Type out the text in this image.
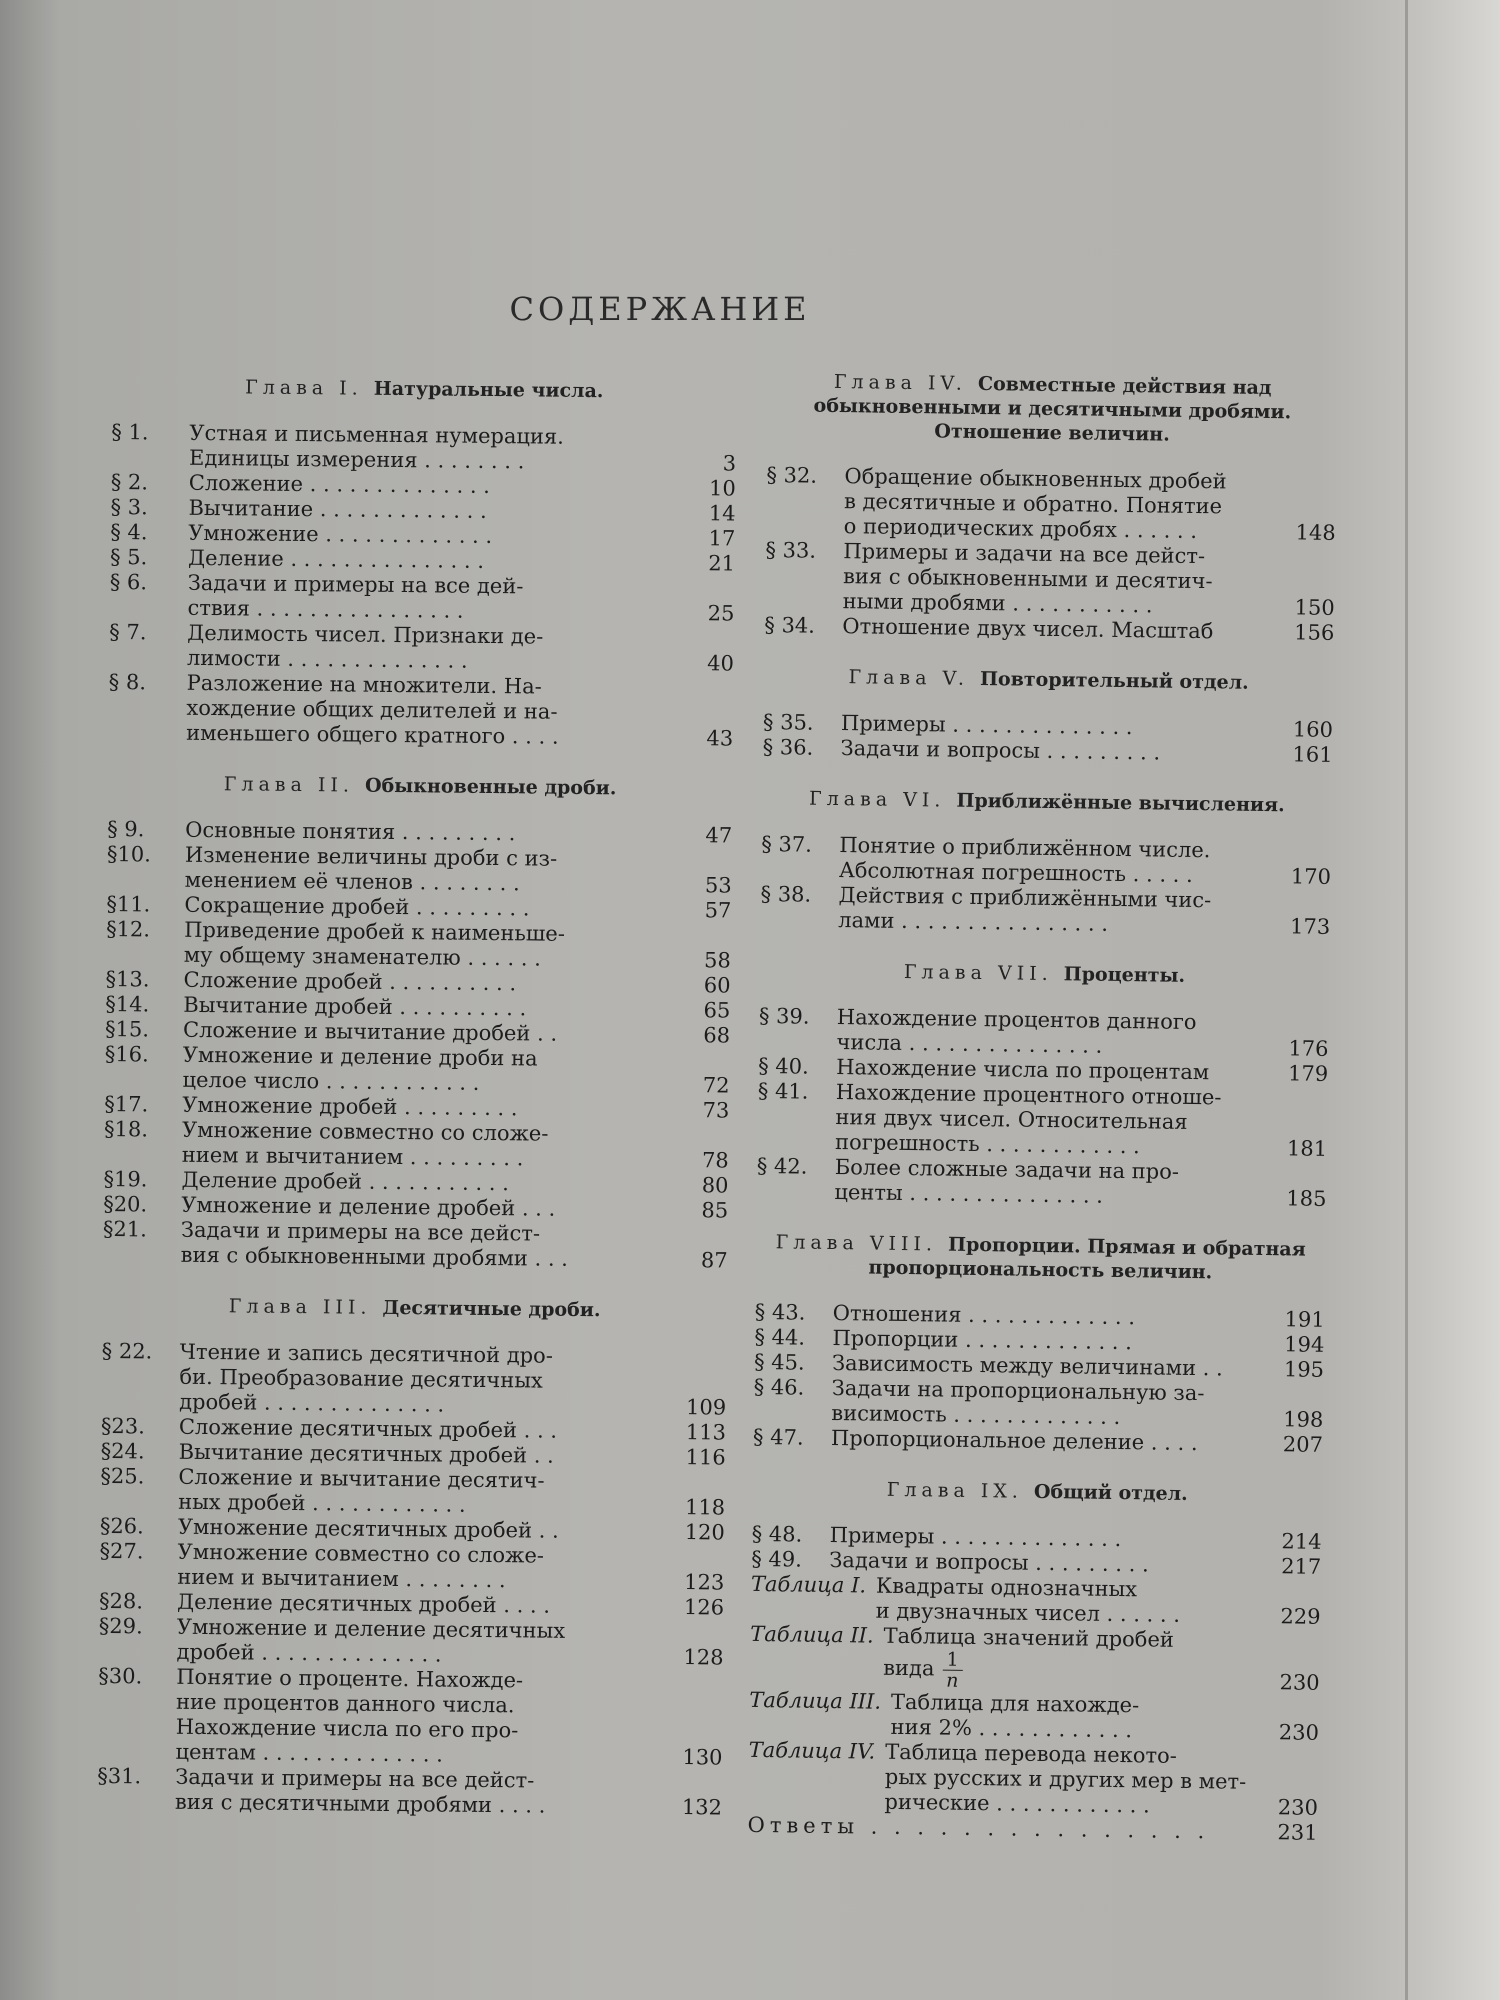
СОДЕРЖАНИЕ
Глава I. Натуральные числа.
§ 1.	Устная и письменная нумерация.
Единицы измерения . . . . . . . .	3
§ 2.	Сложение . . . . . . . . . . . . . .	10
§ 3.	Вычитание . . . . . . . . . . . . .	14
§ 4.	Умножение . . . . . . . . . . . . .	17
§ 5.	Деление . . . . . . . . . . . . . . .	21
§ 6.	Задачи и примеры на все дей-
ствия . . . . . . . . . . . . . . . .	25
§ 7.	Делимость чисел. Признаки де-
лимости . . . . . . . . . . . . . .	40
§ 8.	Разложение на множители. На-
хождение общих делителей и на-
именьшего общего кратного . . . .	43
Глава II. Обыкновенные дроби.
§ 9.	Основные понятия . . . . . . . . .	47
§10.	Изменение величины дроби с из-
менением её членов . . . . . . . .	53
§11.	Сокращение дробей . . . . . . . . .	57
§12.	Приведение дробей к наименьше-
му общему знаменателю . . . . . .	58
§13.	Сложение дробей . . . . . . . . . .	60
§14.	Вычитание дробей . . . . . . . . . .	65
§15.	Сложение и вычитание дробей . .	68
§16.	Умножение и деление дроби на
целое число . . . . . . . . . . . .	72
§17.	Умножение дробей . . . . . . . . .	73
§18.	Умножение совместно со сложе-
нием и вычитанием . . . . . . . . .	78
§19.	Деление дробей . . . . . . . . . . .	80
§20.	Умножение и деление дробей . . .	85
§21.	Задачи и примеры на все дейст-
вия с обыкновенными дробями . . .	87
Глава III. Десятичные дроби.
§ 22.	Чтение и запись десятичной дро-
би. Преобразование десятичных
дробей . . . . . . . . . . . . . .	109
§23.	Сложение десятичных дробей . . .	113
§24.	Вычитание десятичных дробей . .	116
§25.	Сложение и вычитание десятич-
ных дробей . . . . . . . . . . . .	118
§26.	Умножение десятичных дробей . .	120
§27.	Умножение совместно со сложе-
нием и вычитанием . . . . . . . .	123
§28.	Деление десятичных дробей . . . .	126
§29.	Умножение и деление десятичных
дробей . . . . . . . . . . . . . .	128
§30.	Понятие о проценте. Нахожде-
ние процентов данного числа.
Нахождение числа по его про-
центам . . . . . . . . . . . . . .	130
§31.	Задачи и примеры на все дейст-
вия с десятичными дробями . . . .	132
Глава IV. Совместные действия над обыкновенными и десятичными дробями. Отношение величин.
§ 32.	Обращение обыкновенных дробей
в десятичные и обратно. Понятие
о периодических дробях . . . . . .	148
§ 33.	Примеры и задачи на все дейст-
вия с обыкновенными и десятич-
ными дробями . . . . . . . . . . .	150
§ 34.	Отношение двух чисел. Масштаб	156
Глава V. Повторительный отдел.
§ 35.	Примеры . . . . . . . . . . . . . .	160
§ 36.	Задачи и вопросы . . . . . . . . .	161
Глава VI. Приближённые вычисления.
§ 37.	Понятие о приближённом числе.
Абсолютная погрешность . . . . .	170
§ 38.	Действия с приближёнными чис-
лами . . . . . . . . . . . . . . . .	173
Глава VII. Проценты.
§ 39.	Нахождение процентов данного
числа . . . . . . . . . . . . . . .	176
§ 40.	Нахождение числа по процентам	179
§ 41.	Нахождение процентного отноше-
ния двух чисел. Относительная
погрешность . . . . . . . . . . . .	181
§ 42.	Более сложные задачи на про-
центы . . . . . . . . . . . . . . .	185
Глава VIII. Пропорции. Прямая и обратная пропорциональность величин.
§ 43.	Отношения . . . . . . . . . . . . .	191
§ 44.	Пропорции . . . . . . . . . . . . .	194
§ 45.	Зависимость между величинами . .	195
§ 46.	Задачи на пропорциональную за-
висимость . . . . . . . . . . . . .	198
§ 47.	Пропорциональное деление . . . .	207
Глава IX. Общий отдел.
§ 48.	Примеры . . . . . . . . . . . . . .	214
§ 49.	Задачи и вопросы . . . . . . . . .	217
Таблица I. Квадраты однозначных
и двузначных чисел . . . . . .	229
Таблица II. Таблица значений дробей
вида $\frac{1}{n}$	230
Таблица III. Таблица для нахожде-
ния 2% . . . . . . . . . . . .	230
Таблица IV. Таблица перевода некото-
рых русских и других мер в мет-
рические . . . . . . . . . . . .	230
Ответы . . . . . . . . . . . . . . .	231
